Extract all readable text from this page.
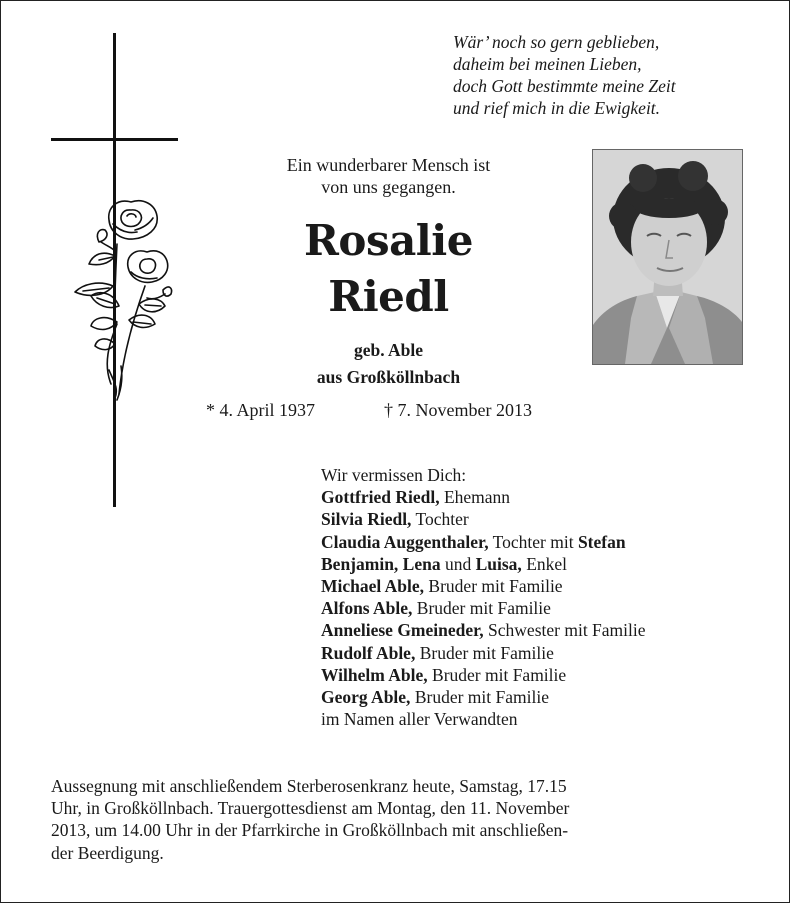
Wär’ noch so gern geblieben,
daheim bei meinen Lieben,
doch Gott bestimmte meine Zeit
und rief mich in die Ewigkeit.
Ein wunderbarer Mensch ist
von uns gegangen.
Rosalie
Riedl
geb. Able
aus Großköllnbach
* 4. April 1937	† 7. November 2013
Wir vermissen Dich:
Gottfried Riedl, Ehemann
Silvia Riedl, Tochter
Claudia Auggenthaler, Tochter mit Stefan
Benjamin, Lena und Luisa, Enkel
Michael Able, Bruder mit Familie
Alfons Able, Bruder mit Familie
Anneliese Gmeineder, Schwester mit Familie
Rudolf Able, Bruder mit Familie
Wilhelm Able, Bruder mit Familie
Georg Able, Bruder mit Familie
im Namen aller Verwandten
Aussegnung mit anschließendem Sterberosenkranz heute, Samstag, 17.15
Uhr, in Großköllnbach. Trauergottesdienst am Montag, den 11. November
2013, um 14.00 Uhr in der Pfarrkirche in Großköllnbach mit anschließen-
der Beerdigung.
